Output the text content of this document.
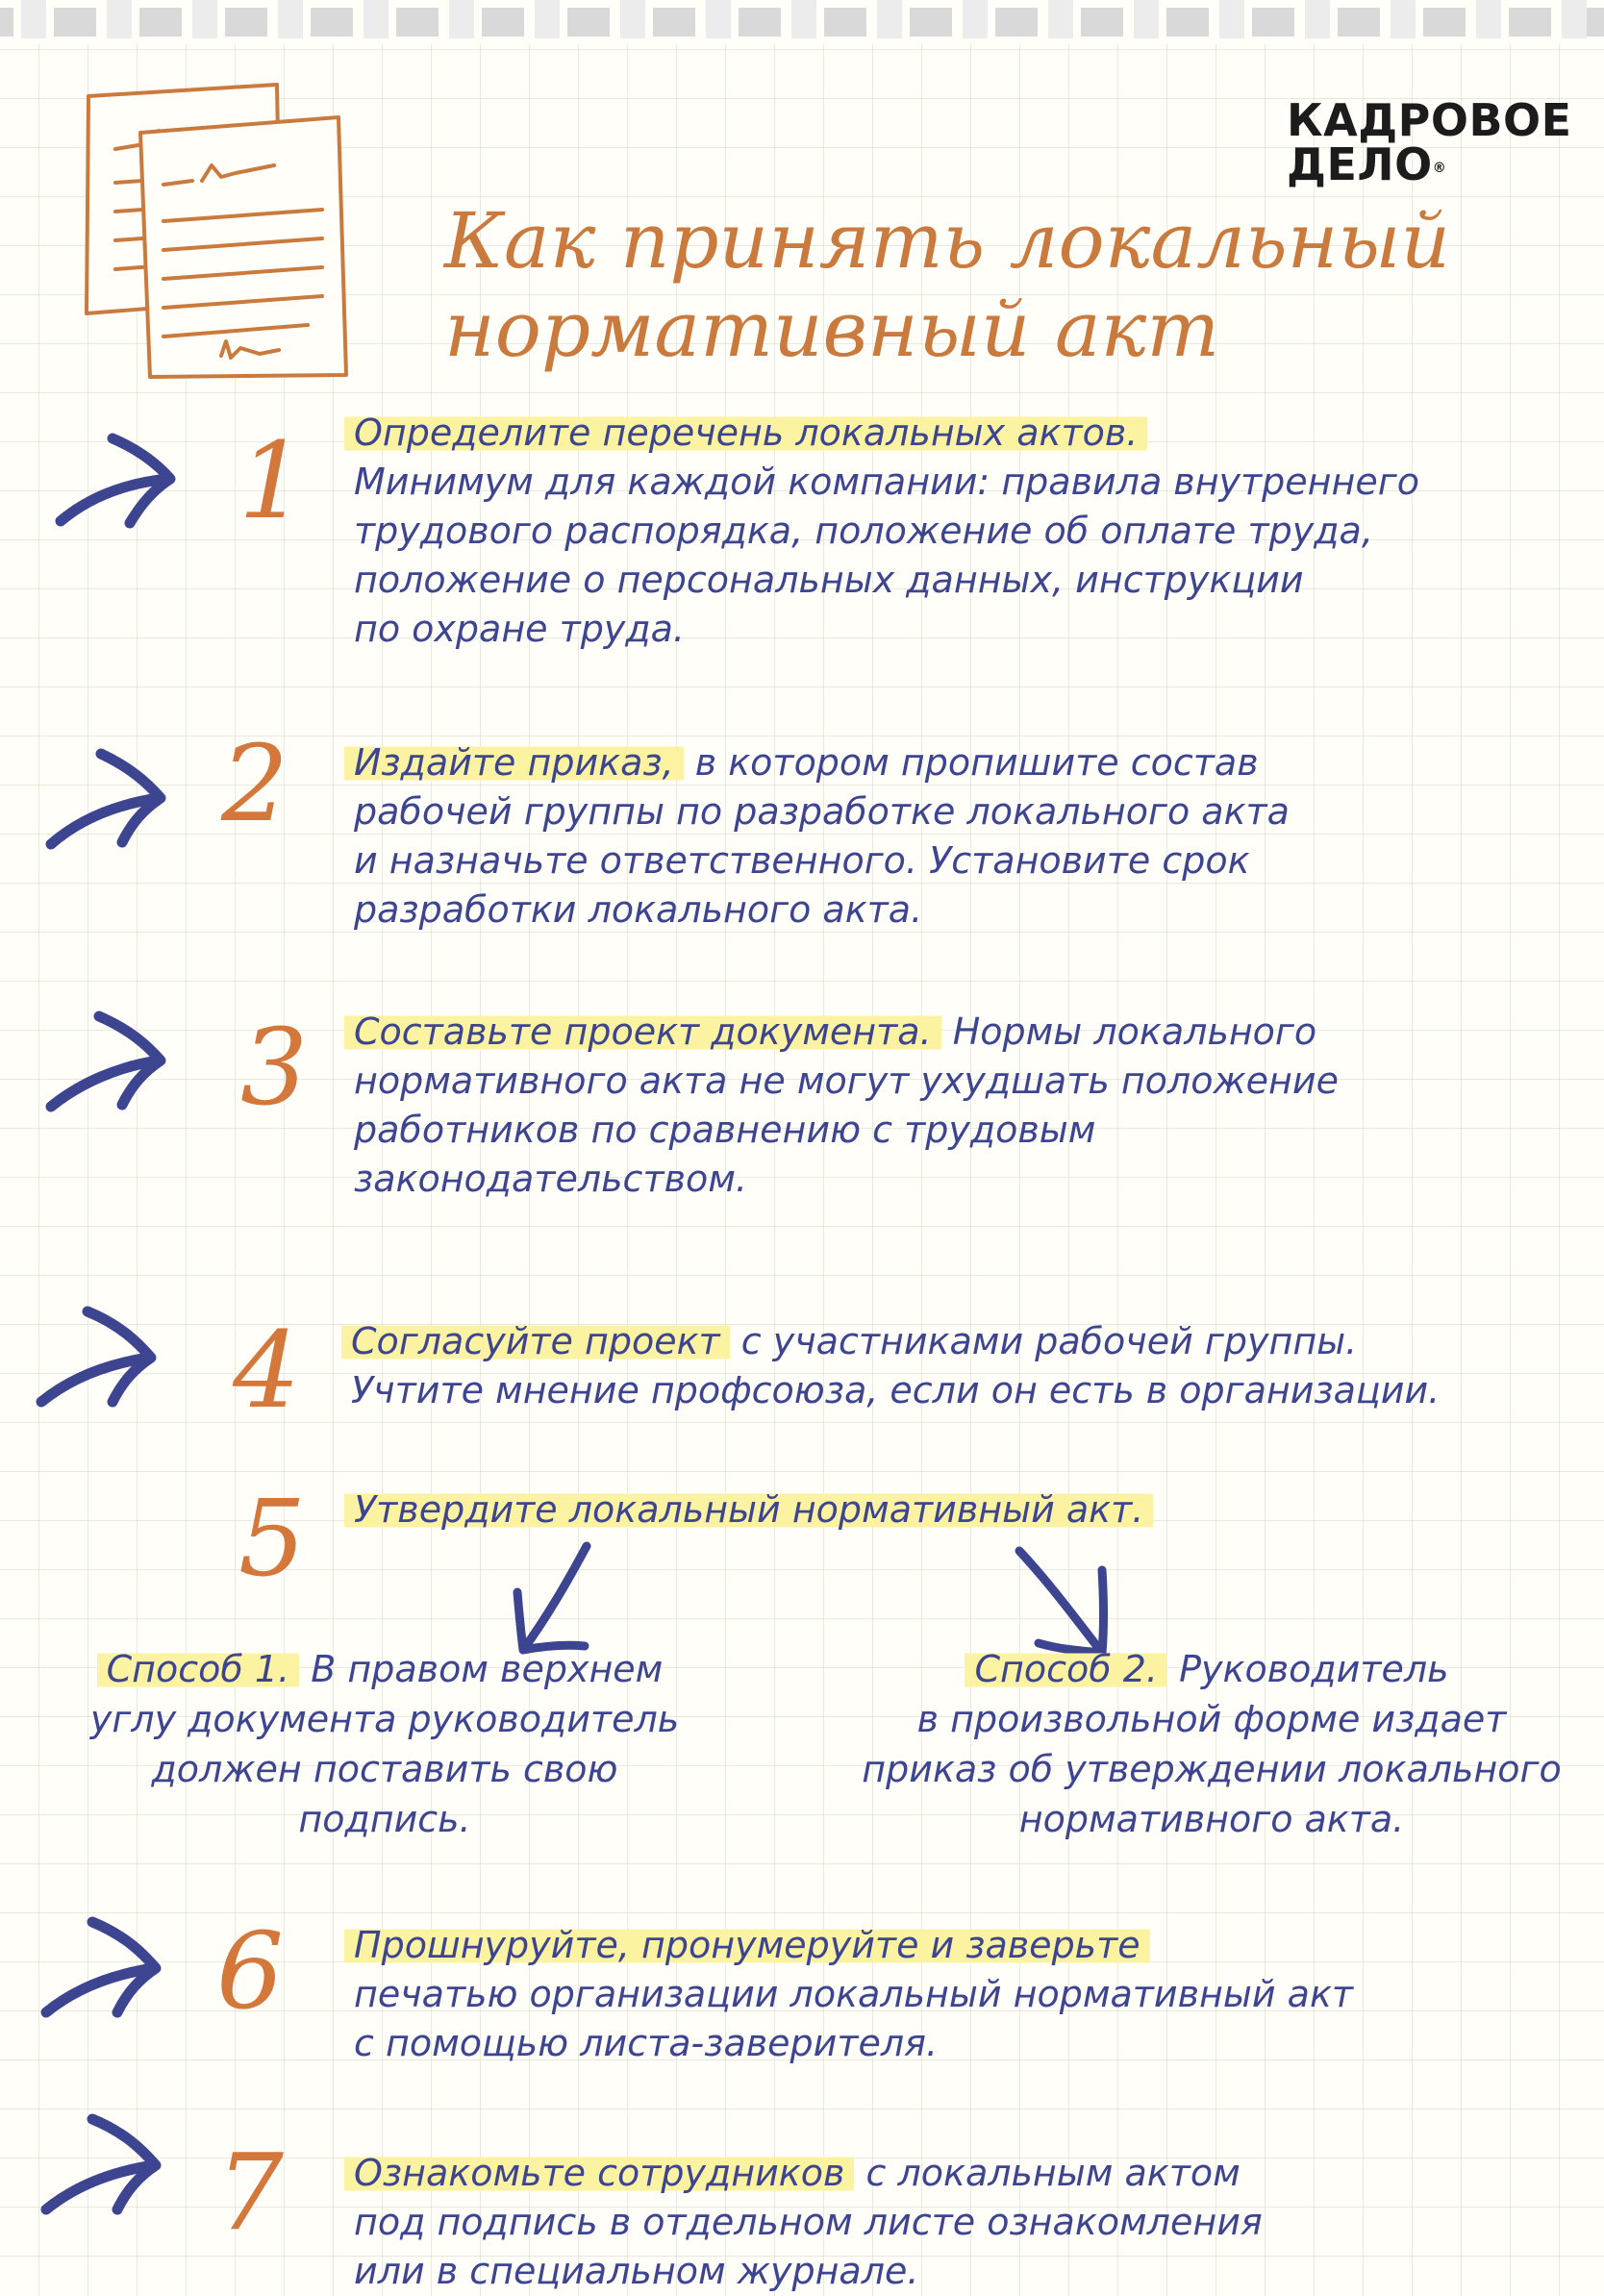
КАДРОВОЕ
ДЕЛО®
Как принять локальный
нормативный акт
1 Определите перечень локальных актов.
Минимум для каждой компании: правила внутреннего
трудового распорядка, положение об оплате труда,
положение о персональных данных, инструкции
по охране труда.
2 Издайте приказ, в котором пропишите состав
рабочей группы по разработке локального акта
и назначьте ответственного. Установите срок
разработки локального акта.
3 Составьте проект документа. Нормы локального
нормативного акта не могут ухудшать положение
работников по сравнению с трудовым
законодательством.
4 Согласуйте проект с участниками рабочей группы.
Учтите мнение профсоюза, если он есть в организации.
5 Утвердите локальный нормативный акт.
Способ 1. В правом верхнем
углу документа руководитель
должен поставить свою
подпись.
Способ 2. Руководитель
в произвольной форме издает
приказ об утверждении локального
нормативного акта.
6 Прошнуруйте, пронумеруйте и заверьте
печатью организации локальный нормативный акт
с помощью листа-заверителя.
7 Ознакомьте сотрудников с локальным актом
под подпись в отдельном листе ознакомления
или в специальном журнале.
